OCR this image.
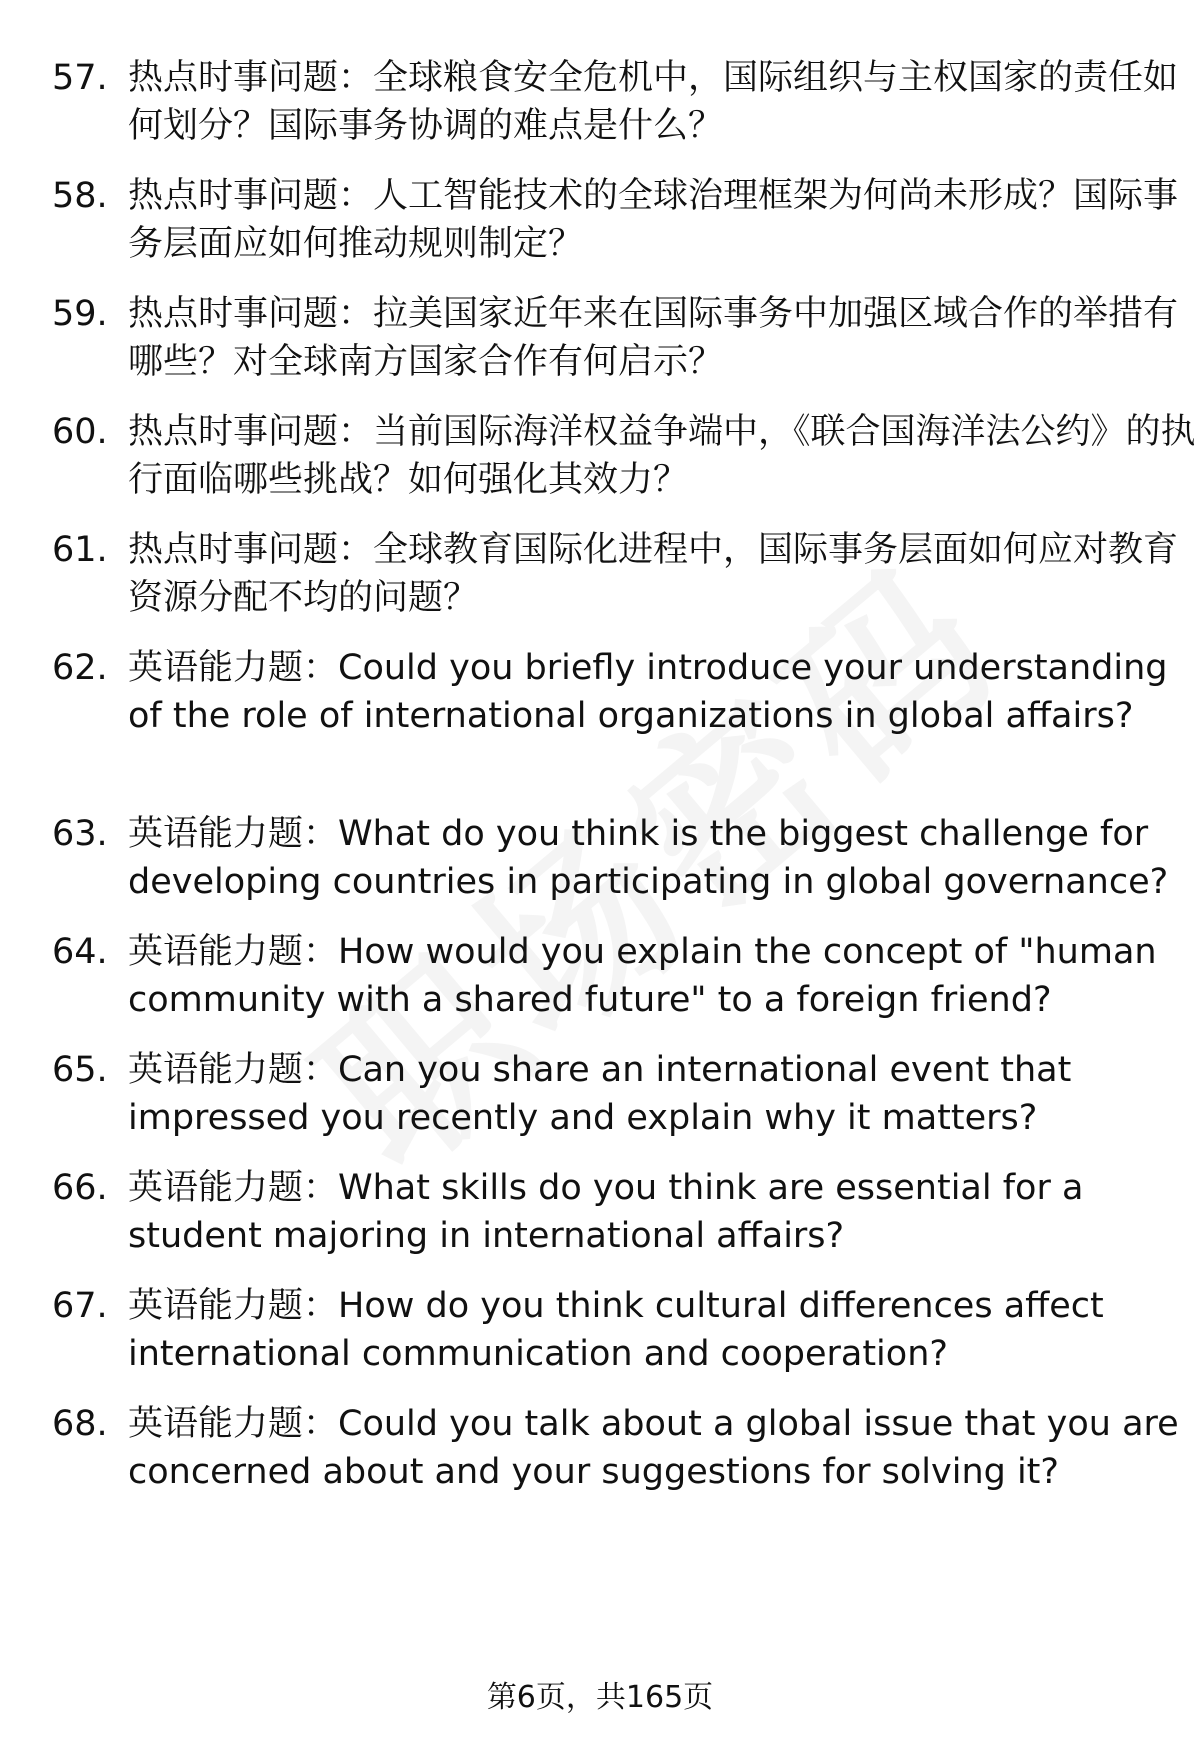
57. 热点时事问题：全球粮食安全危机中，国际组织与主权国家的责任如何划分？国际事务协调的难点是什么？
58. 热点时事问题：人工智能技术的全球治理框架为何尚未形成？国际事务层面应如何推动规则制定？
59. 热点时事问题：拉美国家近年来在国际事务中加强区域合作的举措有哪些？对全球南方国家合作有何启示？
60. 热点时事问题：当前国际海洋权益争端中，《联合国海洋法公约》的执行面临哪些挑战？如何强化其效力？
61. 热点时事问题：全球教育国际化进程中，国际事务层面如何应对教育资源分配不均的问题？
62. 英语能力题：Could you briefly introduce your understanding of the role of international organizations in global affairs?
63. 英语能力题：What do you think is the biggest challenge for developing countries in participating in global governance?
64. 英语能力题：How would you explain the concept of "human community with a shared future" to a foreign friend?
65. 英语能力题：Can you share an international event that impressed you recently and explain why it matters?
66. 英语能力题：What skills do you think are essential for a student majoring in international affairs?
67. 英语能力题：How do you think cultural differences affect international communication and cooperation?
68. 英语能力题：Could you talk about a global issue that you are concerned about and your suggestions for solving it?
第6页，共165页
